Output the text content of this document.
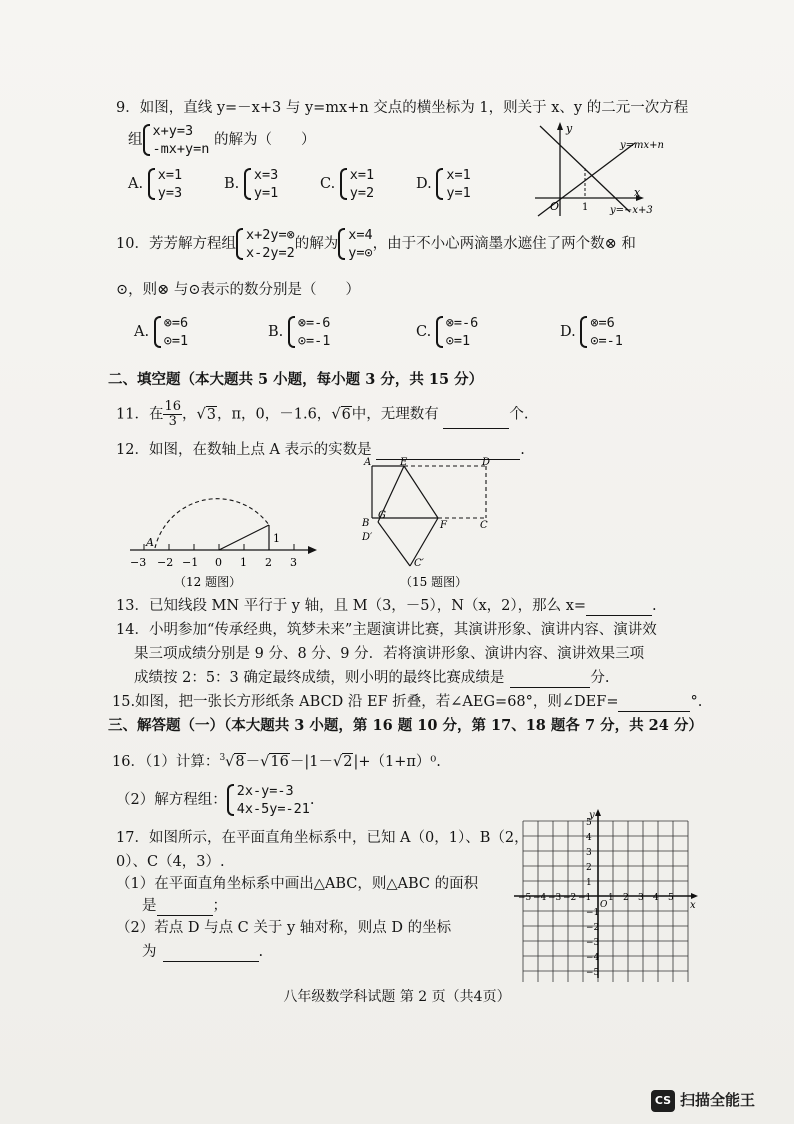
9．如图，直线 y=－x+3 与 y=mx+n 交点的横坐标为 1，则关于 x、y 的二元一次方程
组
x+y=3
-mx+y=n
的解为（　　）
A.
x=1
y=3
B.
x=3
y=1
C.
x=1
y=2
D.
x=1
y=1
y
x
O 1
y=mx+n
y=−x+3
10．芳芳解方程组
x+2y=⊗
x-2y=2
的解为
x=4
y=⊙
，由于不小心两滴墨水遮住了两个数⊗ 和
⊙，则⊗ 与⊙表示的数分别是（　　）
A.
⊗=6
⊙=1
B.
⊗=-6
⊙=-1
C.
⊗=-6
⊙=1
D.
⊗=6
⊙=-1
二、填空题（本大题共 5 小题，每小题 3 分，共 15 分）
11．在 $\frac{16}{3}$ ，√3，π，0，－1.6，√6中，无理数有	个.
12．如图，在数轴上点 A 表示的实数是	.
A	1
−3 −2 −1 0 1 2 3
（12 题图）
A	E	D
B
G
F	C
D′
C′
（15 题图）
13．已知线段 MN 平行于 y 轴，且 M（3，－5），N（x，2），那么 x=	.
14．小明参加“传承经典，筑梦未来”主题演讲比赛，其演讲形象、演讲内容、演讲效
果三项成绩分别是 9 分、8 分、9 分．若将演讲形象、演讲内容、演讲效果三项
成绩按 2：5：3 确定最终成绩，则小明的最终比赛成绩是	分.
15.如图，把一张长方形纸条 ABCD 沿 EF 折叠，若∠AEG=68°，则∠DEF=	°.
三、解答题（一）（本大题共 3 小题，第 16 题 10 分，第 17、18 题各 7 分，共 24 分）
16．（1）计算：$^3$√8－√16－|1－√2|+（1+π）⁰.
（2）解方程组：
2x-y=-3
4x-5y=-21
.
17．如图所示，在平面直角坐标系中，已知 A（0，1）、B（2，
0）、C（4，3）.
（1）在平面直角坐标系中画出△ABC，则△ABC 的面积
是	；
（2）若点 D 与点 C 关于 y 轴对称，则点 D 的坐标
为	.
−5 −4 −3 −2 −1 1 2 3 4 5
5
4
3
2
1
−1
−2
−3
−4
−5
x
y
O
八年级数学科试题 第 2 页（共4页）
CS 扫描全能王
